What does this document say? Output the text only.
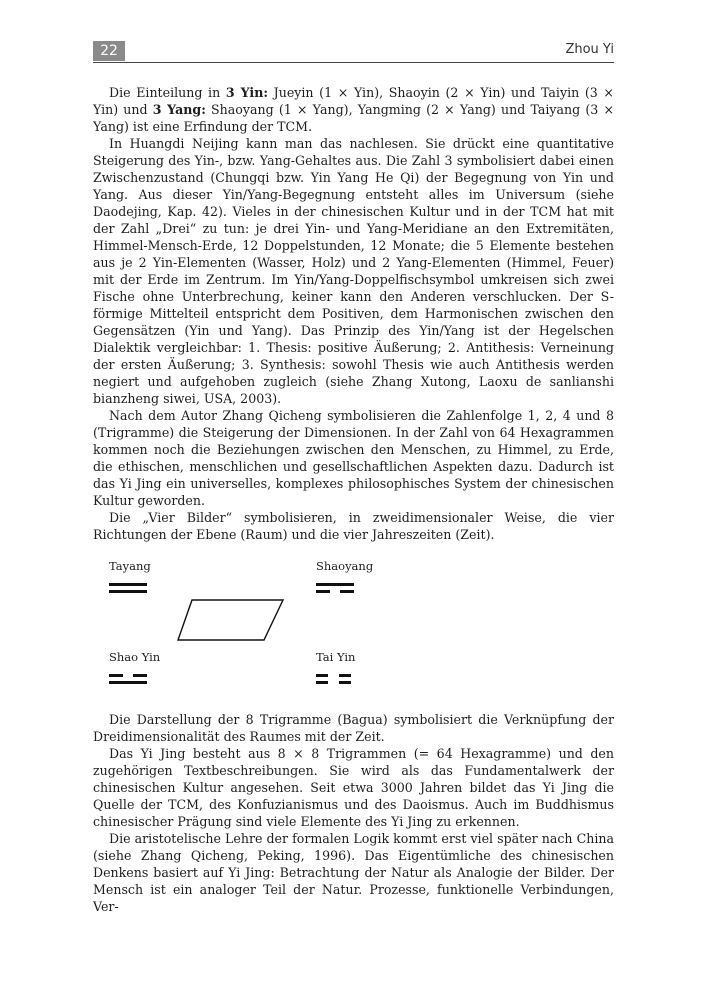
22	Zhou Yi

Die Einteilung in 3 Yin: Jueyin (1 × Yin), Shaoyin (2 × Yin) und Taiyin (3 × Yin) und 3 Yang: Shaoyang (1 × Yang), Yangming (2 × Yang) und Taiyang (3 × Yang) ist eine Erfindung der TCM.

In Huangdi Neijing kann man das nachlesen. Sie drückt eine quantitative Steigerung des Yin-, bzw. Yang-Gehaltes aus. Die Zahl 3 symbolisiert dabei einen Zwischenzustand (Chungqi bzw. Yin Yang He Qi) der Begegnung von Yin und Yang. Aus dieser Yin/Yang-Begegnung entsteht alles im Universum (siehe Daodejing, Kap. 42). Vieles in der chinesischen Kultur und in der TCM hat mit der Zahl „Drei“ zu tun: je drei Yin- und Yang-Meridiane an den Extremitäten, Himmel-Mensch-Erde, 12 Doppelstunden, 12 Monate; die 5 Elemente bestehen aus je 2 Yin-Elementen (Wasser, Holz) und 2 Yang-Elementen (Himmel, Feuer) mit der Erde im Zentrum. Im Yin/Yang-Doppelfischsymbol umkreisen sich zwei Fische ohne Unterbrechung, keiner kann den Anderen verschlucken. Der S-förmige Mittelteil entspricht dem Positiven, dem Harmonischen zwischen den Gegensätzen (Yin und Yang). Das Prinzip des Yin/Yang ist der Hegelschen Dialektik vergleichbar: 1. Thesis: positive Äußerung; 2. Antithesis: Verneinung der ersten Äußerung; 3. Synthesis: sowohl Thesis wie auch Antithesis werden negiert und aufgehoben zugleich (siehe Zhang Xutong, Laoxu de sanlianshi bianzheng siwei, USA, 2003).

Nach dem Autor Zhang Qicheng symbolisieren die Zahlenfolge 1, 2, 4 und 8 (Trigramme) die Steigerung der Dimensionen. In der Zahl von 64 Hexagrammen kommen noch die Beziehungen zwischen den Menschen, zu Himmel, zu Erde, die ethischen, menschlichen und gesellschaftlichen Aspekten dazu. Dadurch ist das Yi Jing ein universelles, komplexes philosophisches System der chinesischen Kultur geworden.

Die „Vier Bilder“ symbolisieren, in zweidimensionaler Weise, die vier Richtungen der Ebene (Raum) und die vier Jahreszeiten (Zeit).

Tayang	Shaoyang
Shao Yin	Tai Yin

Die Darstellung der 8 Trigramme (Bagua) symbolisiert die Verknüpfung der Dreidimensionalität des Raumes mit der Zeit.

Das Yi Jing besteht aus 8 × 8 Trigrammen (= 64 Hexagramme) und den zugehörigen Textbeschreibungen. Sie wird als das Fundamentalwerk der chinesischen Kultur angesehen. Seit etwa 3000 Jahren bildet das Yi Jing die Quelle der TCM, des Konfuzianismus und des Daoismus. Auch im Buddhismus chinesischer Prägung sind viele Elemente des Yi Jing zu erkennen.

Die aristotelische Lehre der formalen Logik kommt erst viel später nach China (siehe Zhang Qicheng, Peking, 1996). Das Eigentümliche des chinesischen Denkens basiert auf Yi Jing: Betrachtung der Natur als Analogie der Bilder. Der Mensch ist ein analoger Teil der Natur. Prozesse, funktionelle Verbindungen, Ver-
